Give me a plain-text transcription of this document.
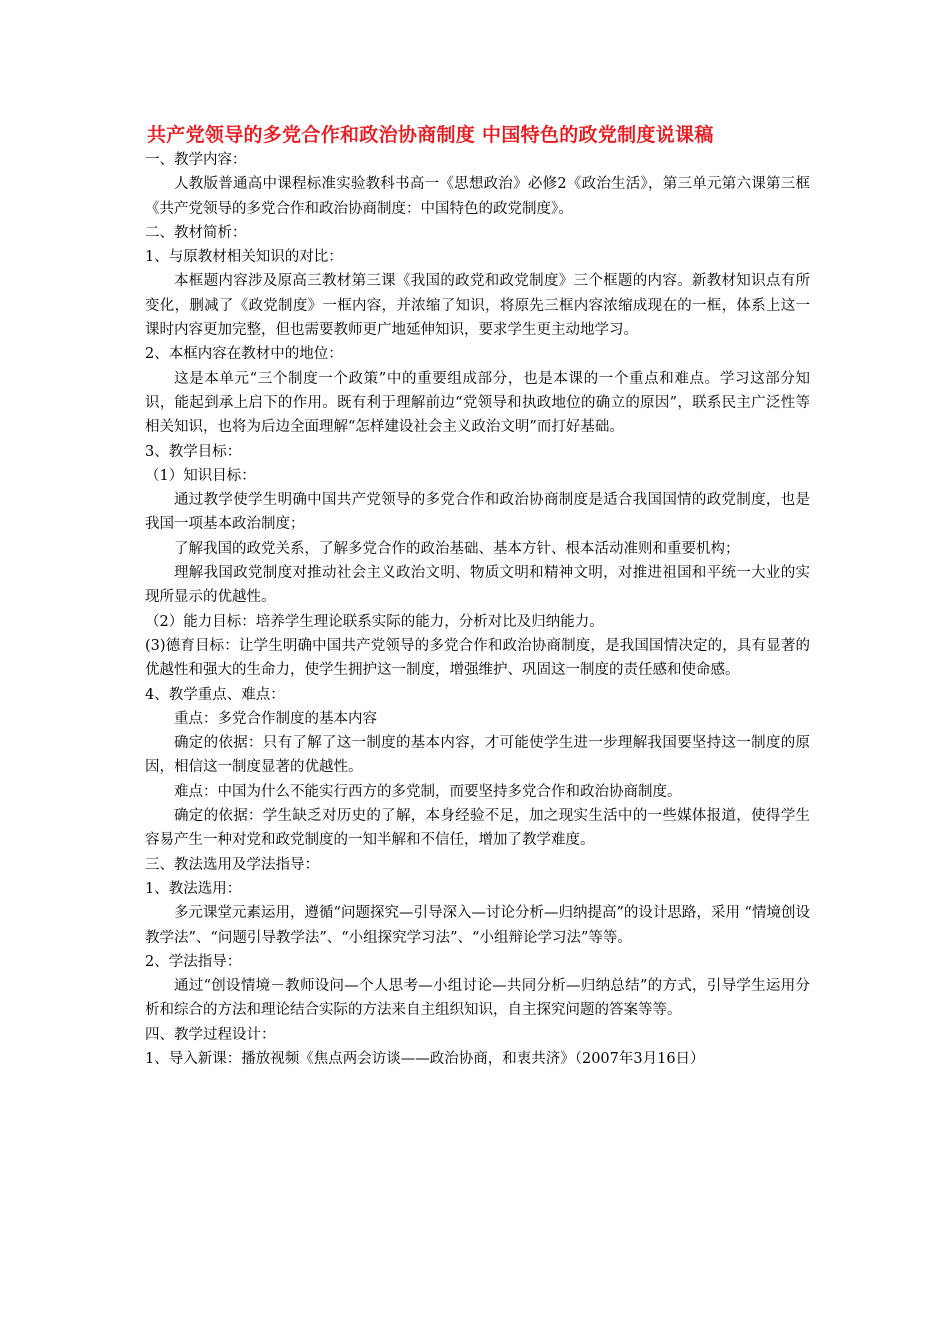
共产党领导的多党合作和政治协商制度 中国特色的政党制度说课稿
一、教学内容：
人教版普通高中课程标准实验教科书高一《思想政治》必修2《政治生活》，第三单元第六课第三框《共产党领导的多党合作和政治协商制度：中国特色的政党制度》。
二、教材简析：
1、与原教材相关知识的对比：
本框题内容涉及原高三教材第三课《我国的政党和政党制度》三个框题的内容。新教材知识点有所变化，删减了《政党制度》一框内容，并浓缩了知识，将原先三框内容浓缩成现在的一框，体系上这一课时内容更加完整，但也需要教师更广地延伸知识，要求学生更主动地学习。
2、本框内容在教材中的地位：
这是本单元“三个制度一个政策”中的重要组成部分，也是本课的一个重点和难点。学习这部分知识，能起到承上启下的作用。既有利于理解前边“党领导和执政地位的确立的原因”，联系民主广泛性等相关知识，也将为后边全面理解“怎样建设社会主义政治文明”而打好基础。
3、教学目标：
（1）知识目标：
通过教学使学生明确中国共产党领导的多党合作和政治协商制度是适合我国国情的政党制度，也是我国一项基本政治制度；
了解我国的政党关系，了解多党合作的政治基础、基本方针、根本活动准则和重要机构；
理解我国政党制度对推动社会主义政治文明、物质文明和精神文明，对推进祖国和平统一大业的实现所显示的优越性。
（2）能力目标：培养学生理论联系实际的能力，分析对比及归纳能力。
(3)德育目标：让学生明确中国共产党领导的多党合作和政治协商制度，是我国国情决定的，具有显著的优越性和强大的生命力，使学生拥护这一制度，增强维护、巩固这一制度的责任感和使命感。
4、教学重点、难点：
重点：多党合作制度的基本内容
确定的依据：只有了解了这一制度的基本内容，才可能使学生进一步理解我国要坚持这一制度的原因，相信这一制度显著的优越性。
难点：中国为什么不能实行西方的多党制，而要坚持多党合作和政治协商制度。
确定的依据：学生缺乏对历史的了解，本身经验不足，加之现实生活中的一些媒体报道，使得学生容易产生一种对党和政党制度的一知半解和不信任，增加了教学难度。
三、教法选用及学法指导：
1、教法选用：
多元课堂元素运用，遵循“问题探究—引导深入—讨论分析—归纳提高”的设计思路，采用 “情境创设教学法”、“问题引导教学法”、“小组探究学习法”、“小组辩论学习法”等等。
2、学法指导：
通过“创设情境－教师设问—个人思考—小组讨论—共同分析—归纳总结”的方式，引导学生运用分析和综合的方法和理论结合实际的方法来自主组织知识，自主探究问题的答案等等。
四、教学过程设计：
1、导入新课：播放视频《焦点两会访谈——政治协商，和衷共济》（2007年3月16日）
